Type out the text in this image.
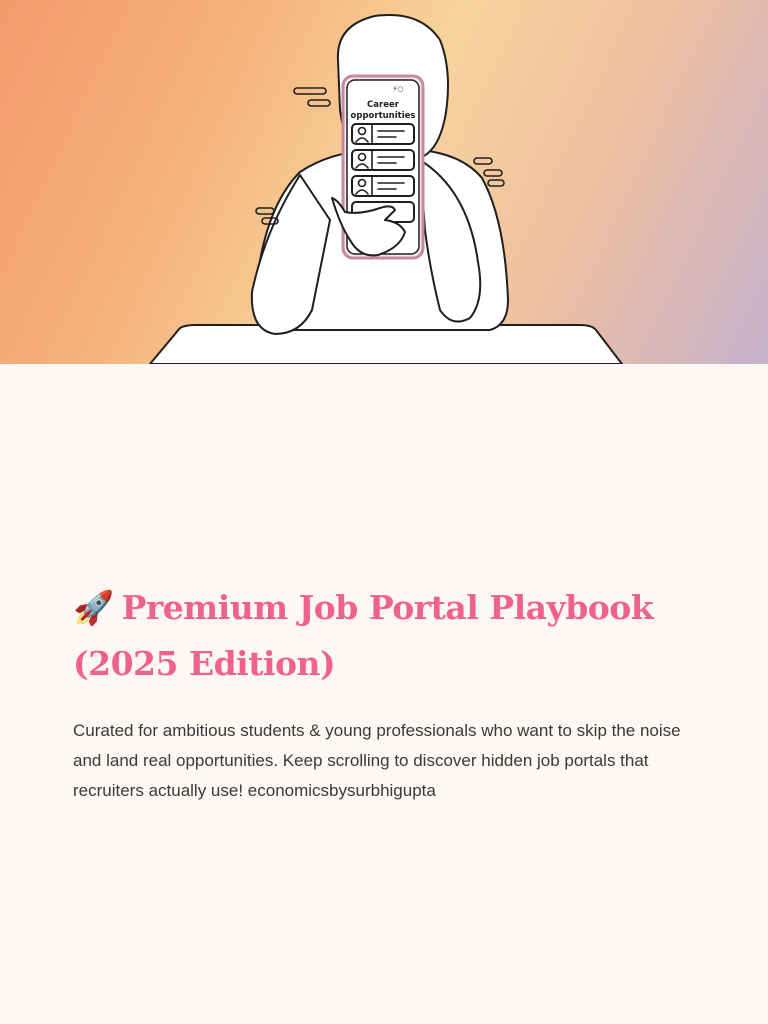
⚡○
Career
opportunities
🚀 Premium Job Portal Playbook
(2025 Edition)

Curated for ambitious students & young professionals who want to skip the noise and land real opportunities. Keep scrolling to discover hidden job portals that recruiters actually use! economicsbysurbhigupta
